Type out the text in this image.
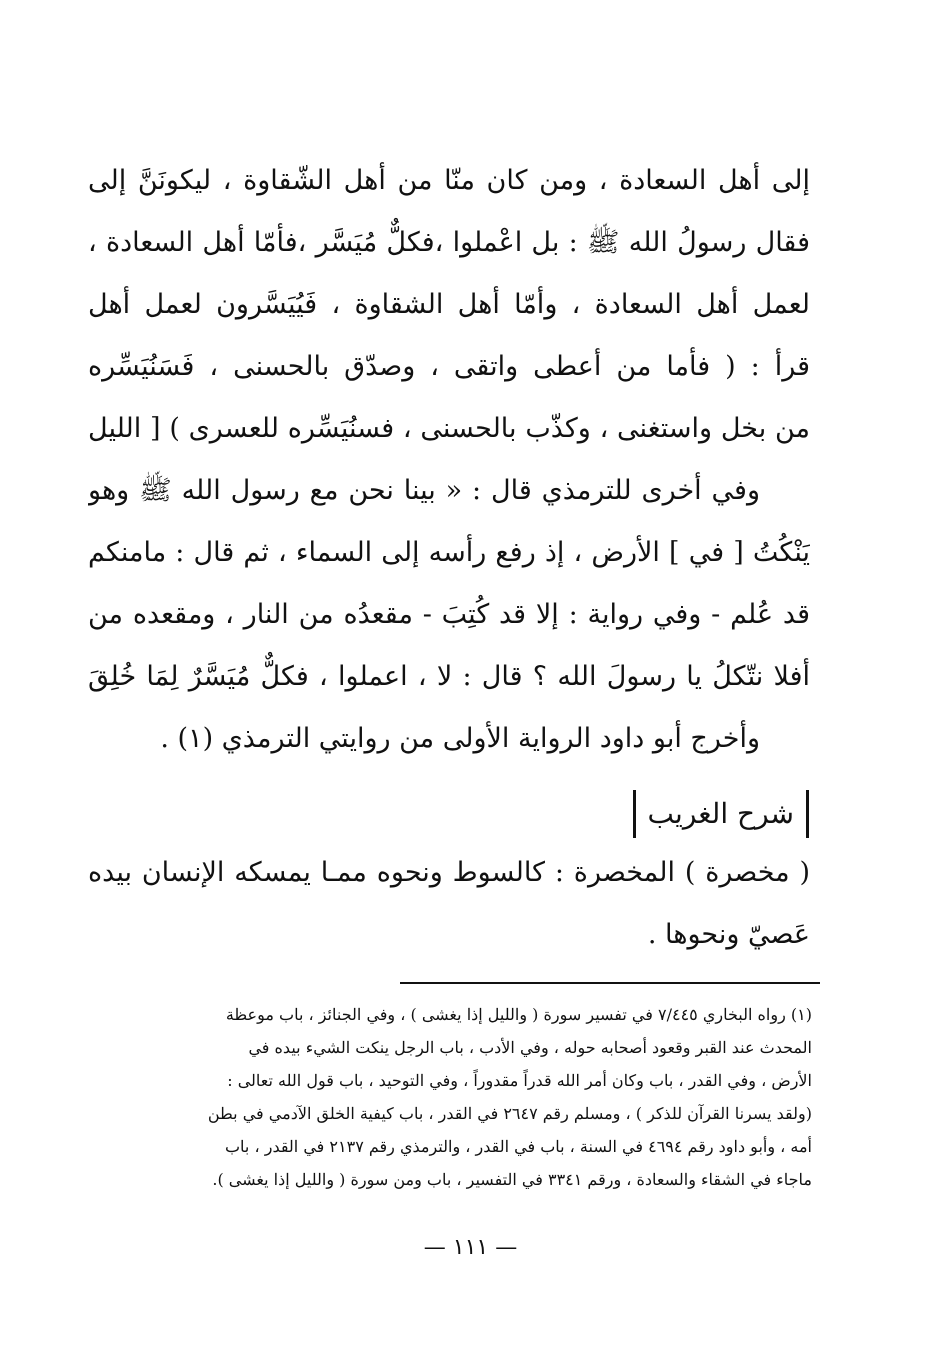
إلى أهل السعادة ، ومن كان منّا من أهل الشّقاوة ، ليكونَنَّ إلى
فقال رسولُ الله ﷺ : بل اعْملوا ،فكلٌّ مُيَسَّر ،فأمّا أهل السعادة ،
لعمل أهل السعادة ، وأمّا أهل الشقاوة ، فَيُيَسَّرون لعمل أهل
قرأ : ( فأما من أعطى واتقى ، وصدّق بالحسنى ، فَسَنُيَسِّره
من بخل واستغنى ، وكذّب بالحسنى ، فسنُيَسِّره للعسرى ) [ الليل
وفي أخرى للترمذي قال : « بينا نحن مع رسول الله ﷺ وهو
يَنْكُتُ [ في ] الأرض ، إذ رفع رأسه إلى السماء ، ثم قال : مامنكم
قد عُلم - وفي رواية : إلا قد كُتِبَ - مقعدُه من النار ، ومقعده من
أفلا نتّكلُ يا رسولَ الله ؟ قال : لا ، اعملوا ، فكلٌّ مُيَسَّرٌ لِمَا خُلِقَ
وأخرج أبو داود الرواية الأولى من روايتي الترمذي (١) .
شرح الغريب
( مخصرة ) المخصرة : كالسوط ونحوه ممـا يمسكه الإنسان بيده
عَصيّ ونحوها .
(١) رواه البخاري ٧/٤٤٥ في تفسير سورة ( والليل إذا يغشى ) ، وفي الجنائز ، باب موعظة
المحدث عند القبر وقعود أصحابه حوله ، وفي الأدب ، باب الرجل ينكت الشيء بيده في
الأرض ، وفي القدر ، باب وكان أمر الله قدراً مقدوراً ، وفي التوحيد ، باب قول الله تعالى :
(ولقد يسرنا القرآن للذكر ) ، ومسلم رقم ٢٦٤٧ في القدر ، باب كيفية الخلق الآدمي في بطن
أمه ، وأبو داود رقم ٤٦٩٤ في السنة ، باب في القدر ، والترمذي رقم ٢١٣٧ في القدر ، باب
ماجاء في الشقاء والسعادة ، ورقم ٣٣٤١ في التفسير ، باب ومن سورة ( والليل إذا يغشى ).
— ١١١ —
